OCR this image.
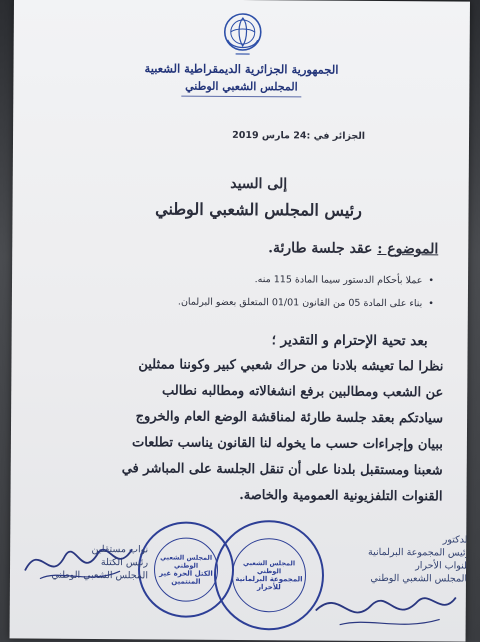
الجمهورية الجزائرية الديمقراطية الشعبية
المجلس الشعبي الوطني
الجزائر في :24 مارس 2019
إلى السيد
رئيس المجلس الشعبي الوطني
الموضوع : عقد جلسة طارئة.
•عملا بأحكام الدستور سيما المادة 115 منه.
•بناء على المادة 05 من القانون 01/01 المتعلق بعضو البرلمان.
بعد تحية الإحترام و التقدير ؛
نظرا لما تعيشه بلادنا من حراك شعبي كبير وكوننا ممثلين
عن الشعب ومطالبين برفع انشغالاته ومطالبه نطالب
سيادتكم بعقد جلسة طارئة لمناقشة الوضع العام والخروج
ببيان وإجراءات حسب ما يخوله لنا القانون يناسب تطلعات
شعبنا ومستقبل بلدنا على أن تنقل الجلسة على المباشر في
القنوات التلفزيونية العمومية والخاصة.
المجلس الشعبي الوطني
الكتل الحرة غير المنتمين
المجلس الشعبي الوطني
المجموعة البرلمانية للأحرار
نواب مستقلين
رئيس الكتلة
المجلس الشعبي الوطني
الدكتور
رئيس المجموعة البرلمانية
للنواب الأحرار
بالمجلس الشعبي الوطني
